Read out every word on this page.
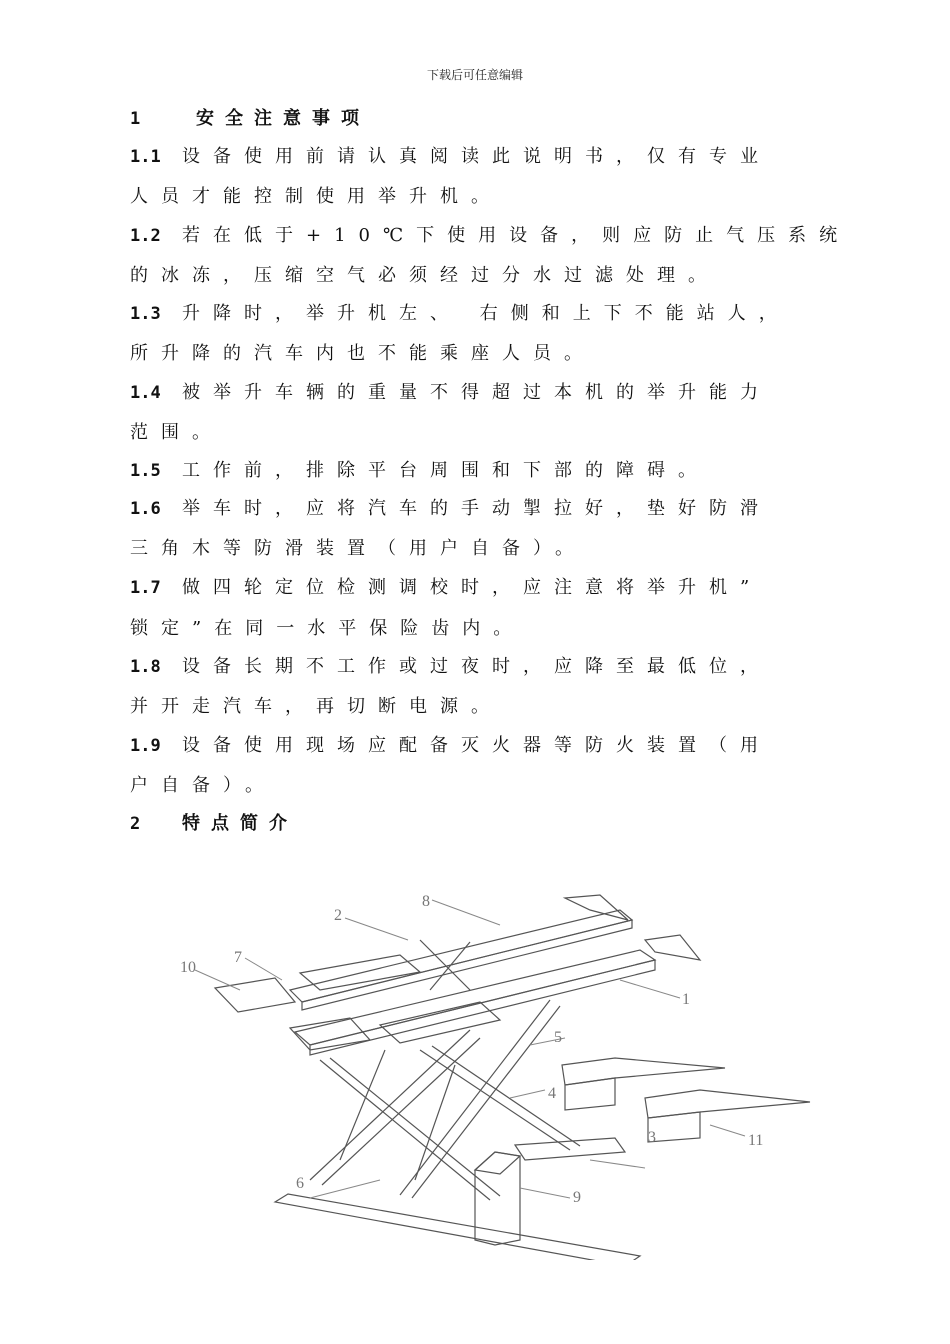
下载后可任意编辑
1	安全注意事项
1.1 设备使用前请认真阅读此说明书，仅有专业
人员才能控制使用举升机。
1.2 若在低于+10℃下使用设备，则应防止气压系统
的冰冻，压缩空气必须经过分水过滤处理。
1.3 升降时，举升机左、 右侧和上下不能站人，
所升降的汽车内也不能乘座人员。
1.4 被举升车辆的重量不得超过本机的举升能力
范围。
1.5 工作前，排除平台周围和下部的障碍。
1.6 举车时，应将汽车的手动掣拉好，垫好防滑
三角木等防滑装置（用户自备）。
1.7 做四轮定位检测调校时，应注意将举升机”
锁定”在同一水平保险齿内。
1.8 设备长期不工作或过夜时，应降至最低位，
并开走汽车，再切断电源。
1.9 设备使用现场应配备灭火器等防火装置（用
户自备）。
2 特点简介
1
2
3
4
5
6
7
8
9
10
11
